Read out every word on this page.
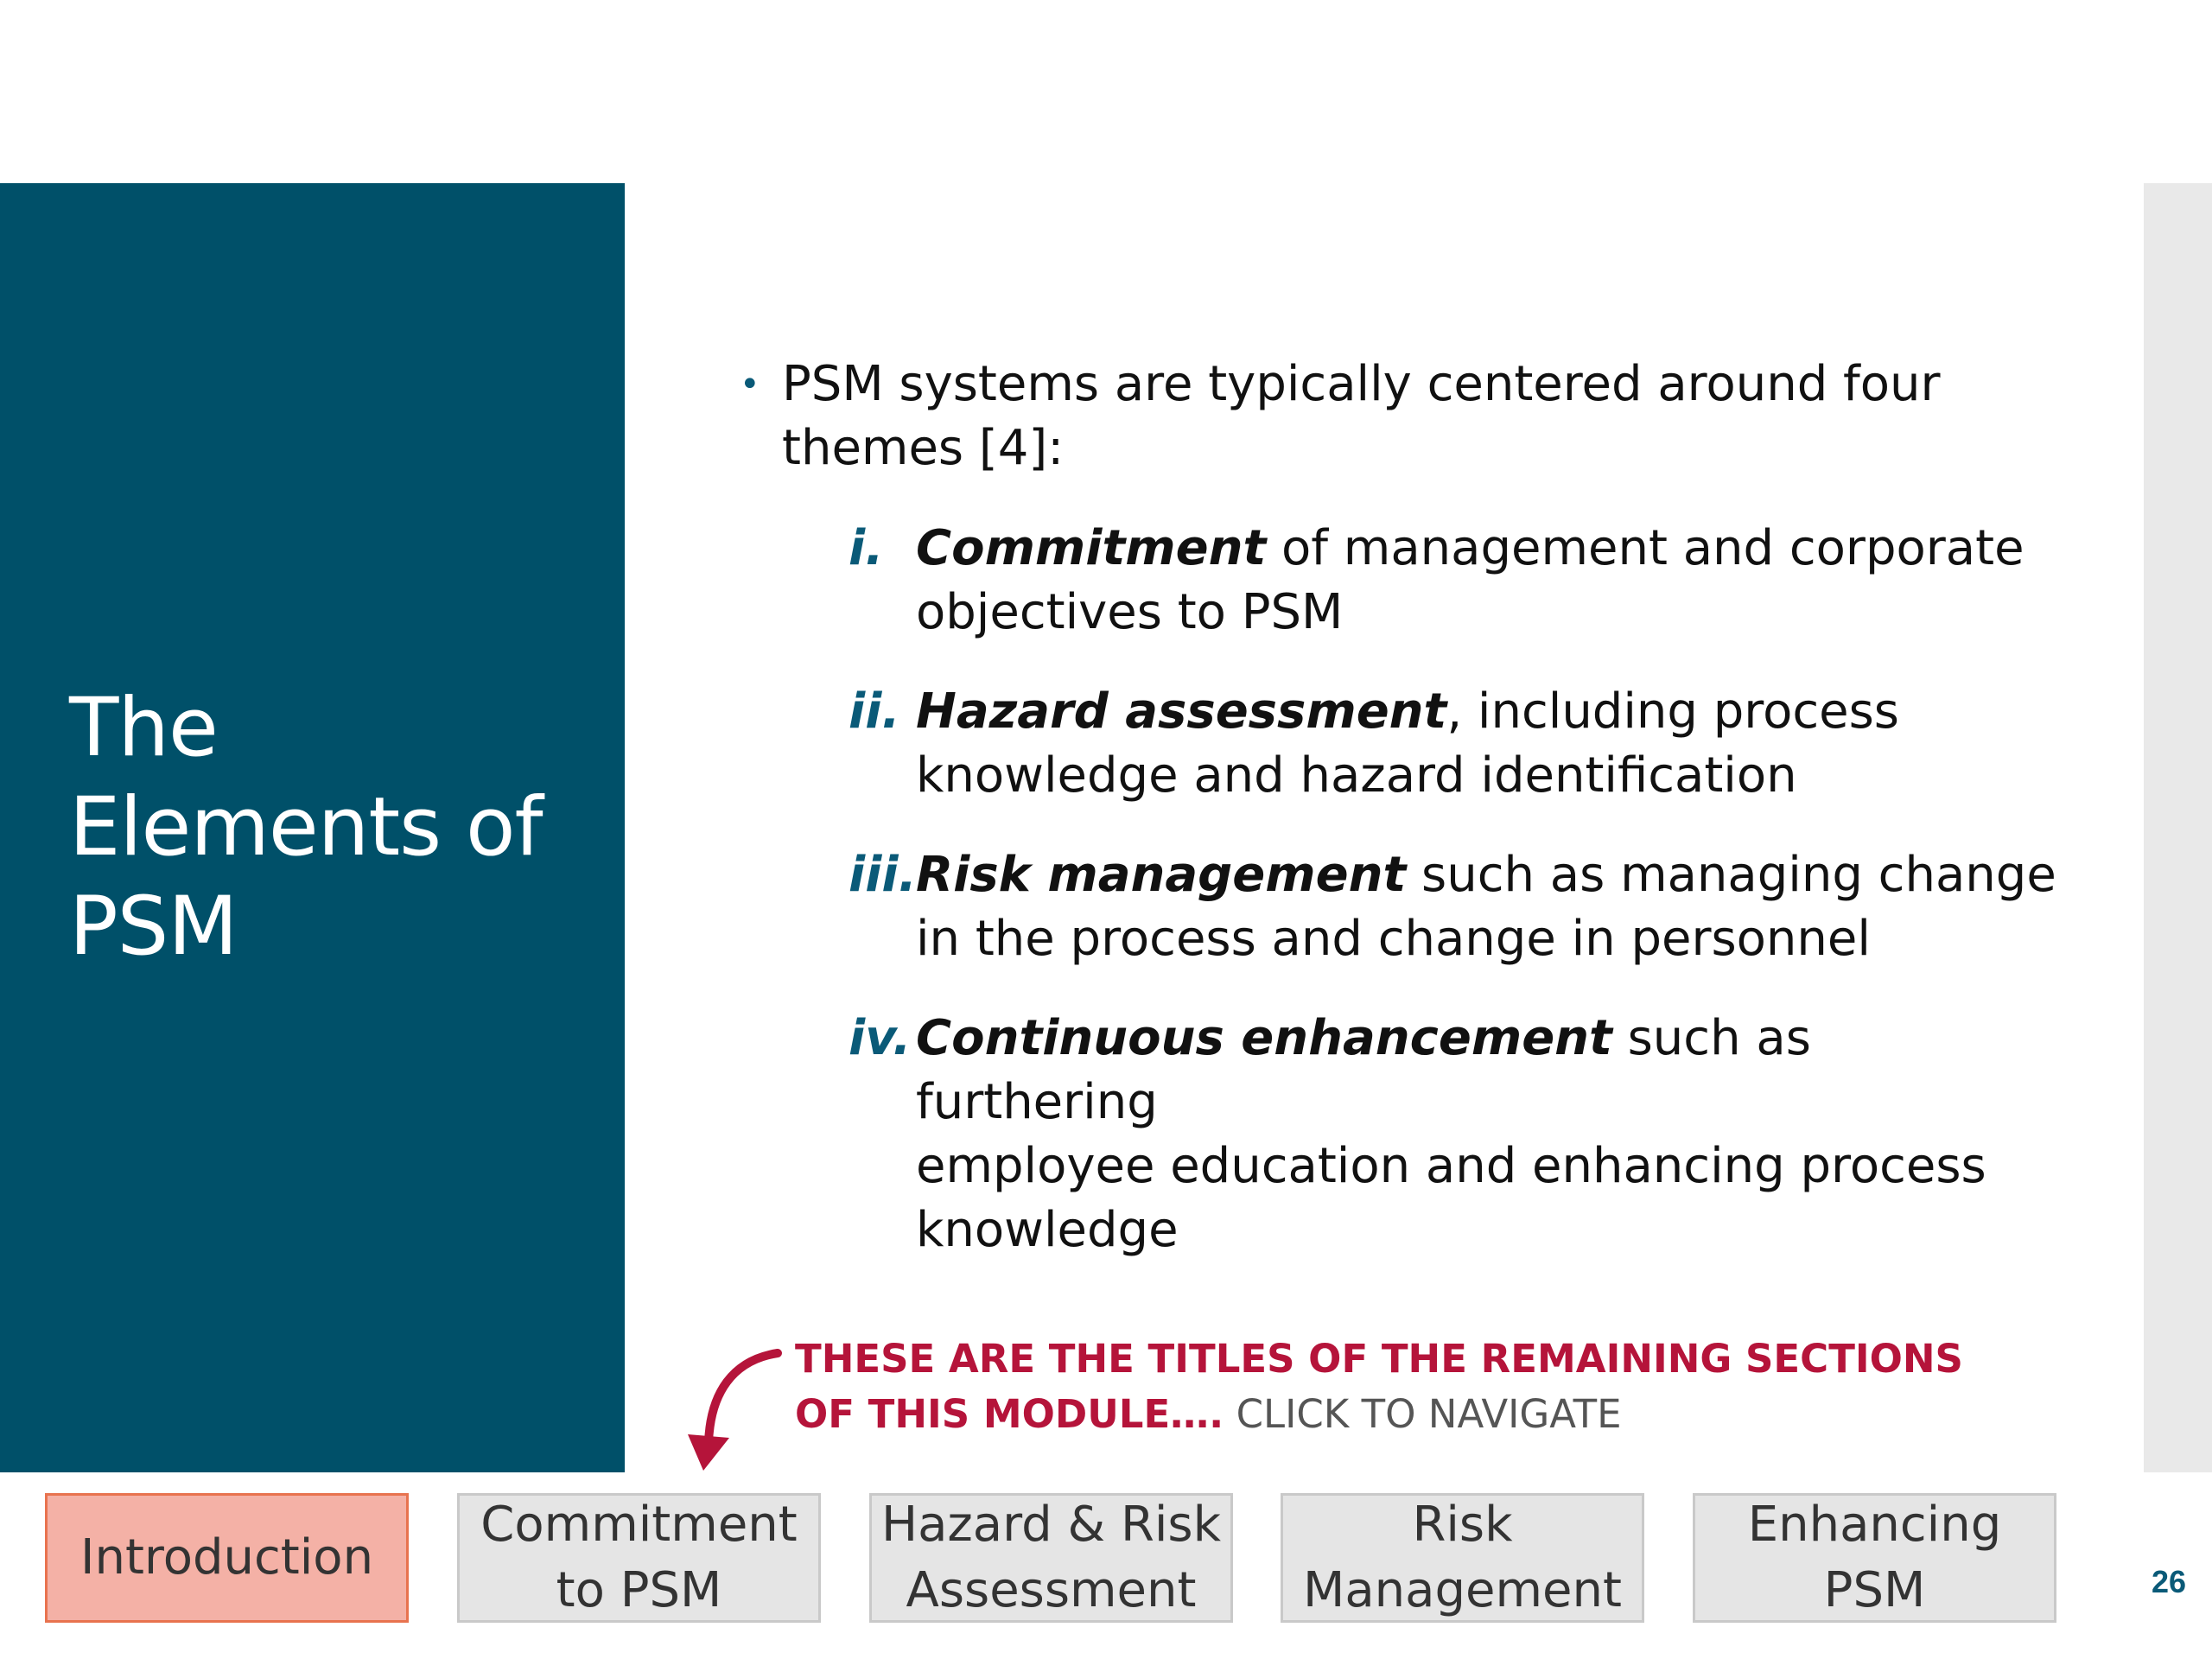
The
Elements of
PSM
• PSM systems are typically centered around four
themes [4]:
i. Commitment of management and corporate
objectives to PSM
ii. Hazard assessment, including process
knowledge and hazard identification
iii. Risk management such as managing change
in the process and change in personnel
iv. Continuous enhancement such as furthering
employee education and enhancing process
knowledge
THESE ARE THE TITLES OF THE REMAINING SECTIONS
OF THIS MODULE…. CLICK TO NAVIGATE
Introduction
Commitment
to PSM
Hazard & Risk
Assessment
Risk
Management
Enhancing
PSM	26
